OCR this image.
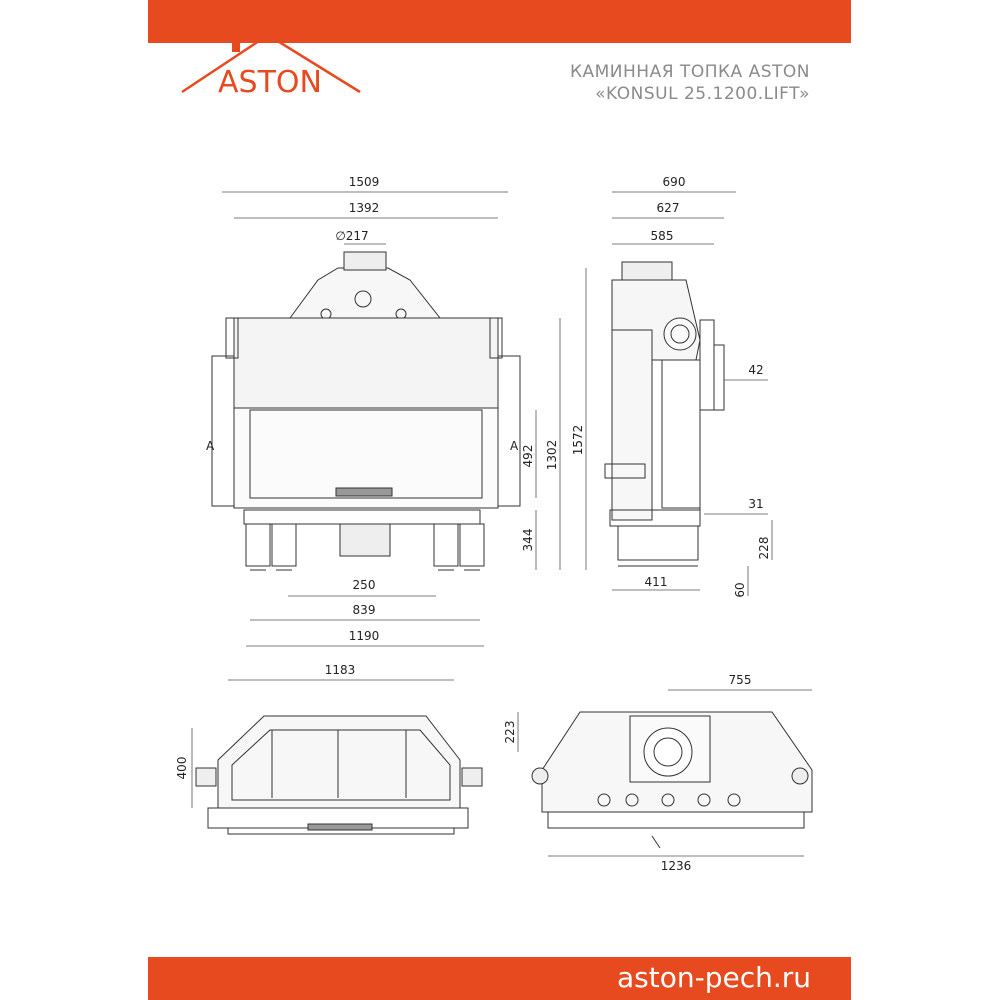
КАМИННАЯ ТОПКА ASTON
«KONSUL 25.1200.LIFT»
ASTON
1509
1392
∅217
1572
1302
492
344
250
839
1190
A	A
690
627
585
42
31
228
60
411
1183
400
755
223
1236
aston-pech.ru
